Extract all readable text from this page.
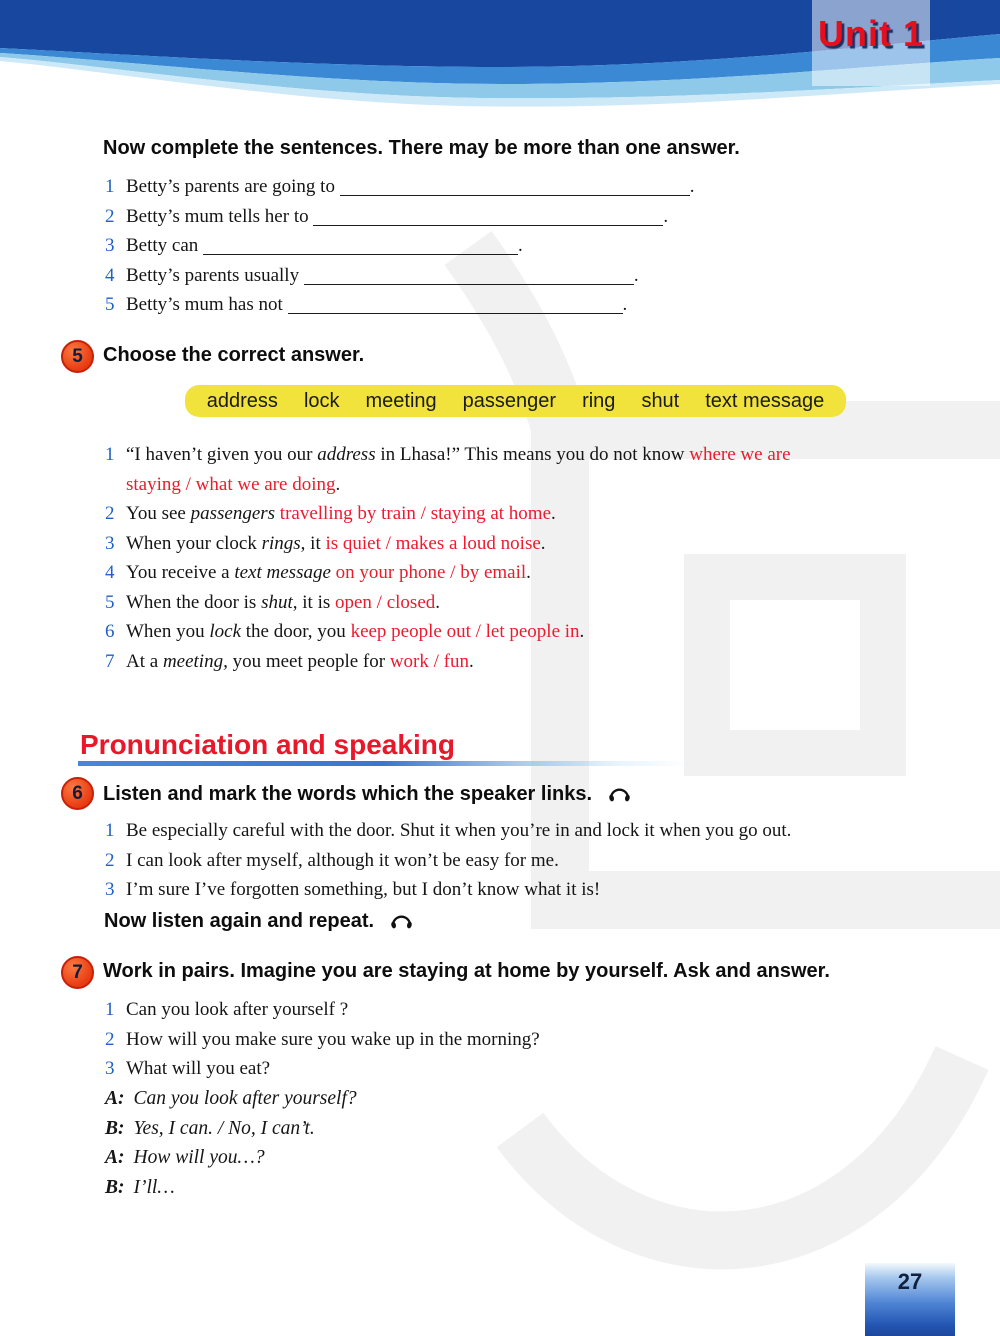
Unit 1
Now complete the sentences. There may be more than one answer.
1 Betty’s parents are going to	.
2 Betty’s mum tells her to	.
3 Betty can	.
4 Betty’s parents usually	.
5 Betty’s mum has not	.
5	Choose the correct answer.
address lock meeting passenger ring shut text message
1 “I haven’t given you our address in Lhasa!” This means you do not know where we are
staying / what we are doing.
2 You see passengers travelling by train / staying at home.
3 When your clock rings, it is quiet / makes a loud noise.
4 You receive a text message on your phone / by email.
5 When the door is shut, it is open / closed.
6 When you lock the door, you keep people out / let people in.
7 At a meeting, you meet people for work / fun.
Pronunciation and speaking
6	Listen and mark the words which the speaker links.
1 Be especially careful with the door. Shut it when you’re in and lock it when you go out.
2 I can look after myself, although it won’t be easy for me.
3 I’m sure I’ve forgotten something, but I don’t know what it is!
Now listen again and repeat.
7	Work in pairs. Imagine you are staying at home by yourself. Ask and answer.
1 Can you look after yourself ?
2 How will you make sure you wake up in the morning?
3 What will you eat?
A: Can you look after yourself?
B: Yes, I can. / No, I can’t.
A: How will you…?
B: I’ll…
27
